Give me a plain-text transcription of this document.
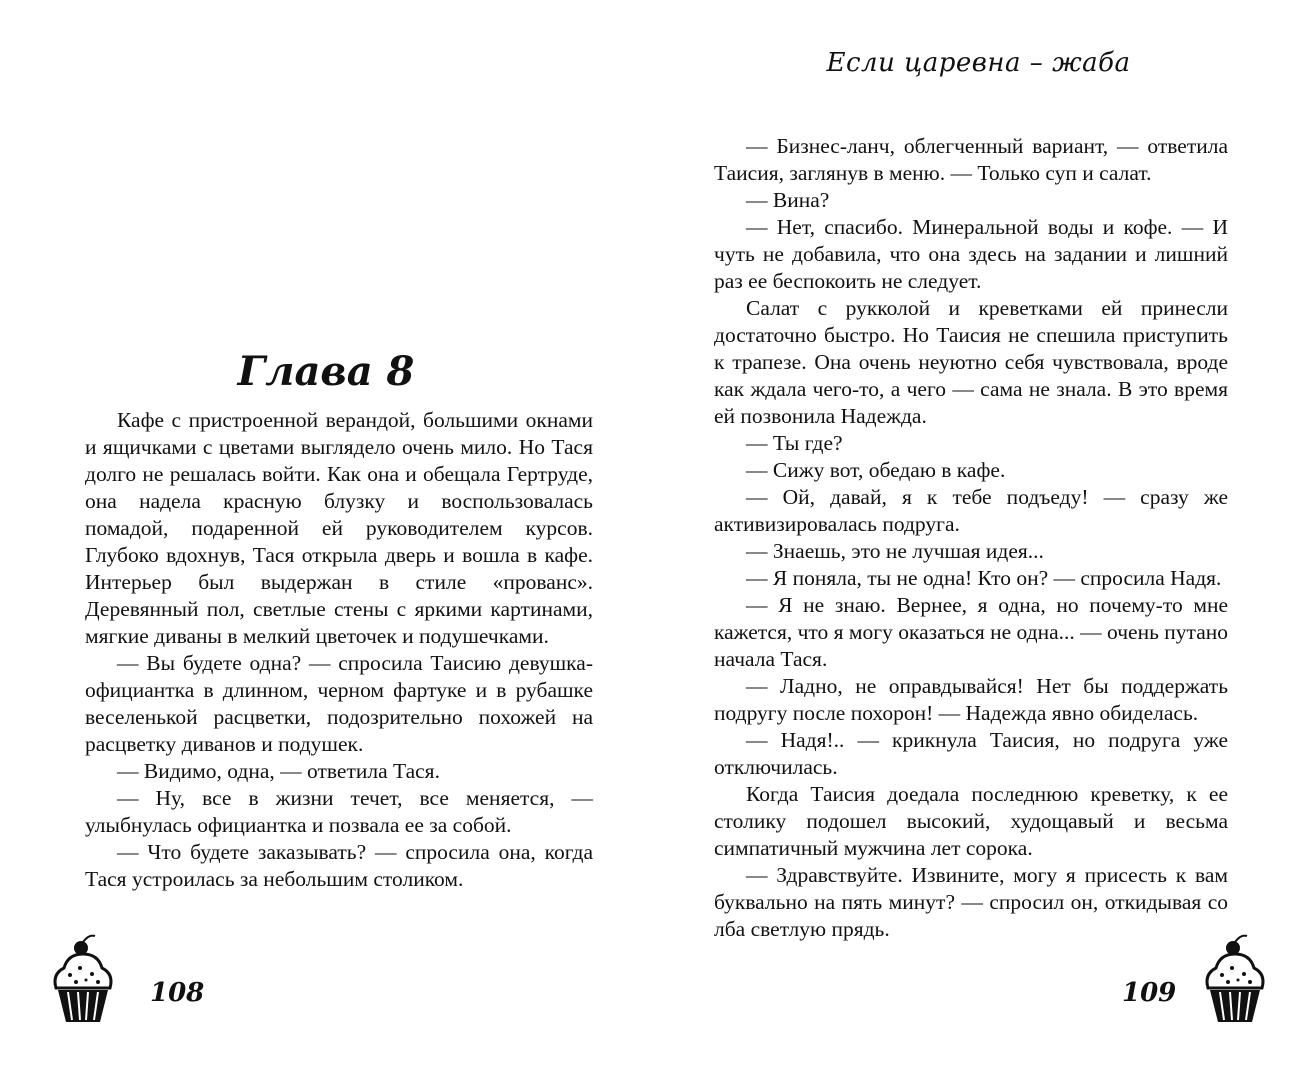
Глава 8

Кафе с пристроенной верандой, большими окнами и ящичками с цветами выглядело очень мило. Но Тася долго не решалась войти. Как она и обещала Гертруде, она надела красную блузку и воспользовалась помадой, подаренной ей руководителем курсов. Глубоко вдохнув, Тася открыла дверь и вошла в кафе. Интерьер был выдержан в стиле «прованс». Деревянный пол, светлые стены с яркими картинами, мягкие диваны в мелкий цветочек и подушечками.

— Вы будете одна? — спросила Таисию девушка-официантка в длинном, черном фартуке и в рубашке веселенькой расцветки, подозрительно похожей на расцветку диванов и подушек.

— Видимо, одна, — ответила Тася.

— Ну, все в жизни течет, все меняется, — улыбнулась официантка и позвала ее за собой.

— Что будете заказывать? — спросила она, когда Тася устроилась за небольшим столиком.

108
Если царевна – жаба

— Бизнес-ланч, облегченный вариант, — ответила Таисия, заглянув в меню. — Только суп и салат.

— Вина?

— Нет, спасибо. Минеральной воды и кофе. — И чуть не добавила, что она здесь на задании и лишний раз ее беспокоить не следует.

Салат с рукколой и креветками ей принесли достаточно быстро. Но Таисия не спешила приступить к трапезе. Она очень неуютно себя чувствовала, вроде как ждала чего-то, а чего — сама не знала. В это время ей позвонила Надежда.

— Ты где?

— Сижу вот, обедаю в кафе.

— Ой, давай, я к тебе подъеду! — сразу же активизировалась подруга.

— Знаешь, это не лучшая идея...

— Я поняла, ты не одна! Кто он? — спросила Надя.

— Я не знаю. Вернее, я одна, но почему-то мне кажется, что я могу оказаться не одна... — очень путано начала Тася.

— Ладно, не оправдывайся! Нет бы поддержать подругу после похорон! — Надежда явно обиделась.

— Надя!.. — крикнула Таисия, но подруга уже отключилась.

Когда Таисия доедала последнюю креветку, к ее столику подошел высокий, худощавый и весьма симпатичный мужчина лет сорока.

— Здравствуйте. Извините, могу я присесть к вам буквально на пять минут? — спросил он, откидывая со лба светлую прядь.

109
